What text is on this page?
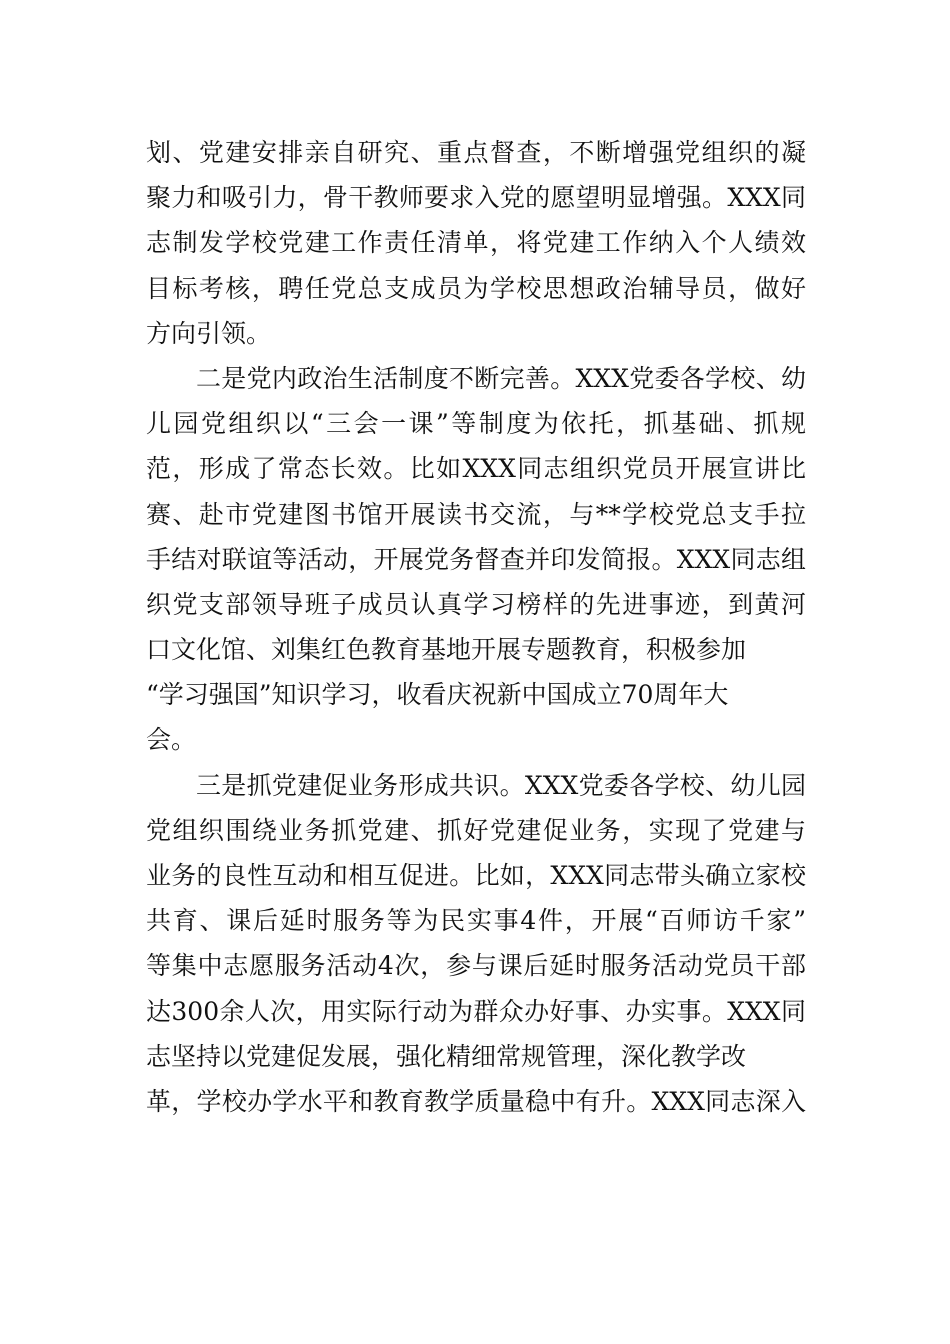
划、党建安排亲自研究、重点督查，不断增强党组织的凝
聚力和吸引力，骨干教师要求入党的愿望明显增强。XXX同
志制发学校党建工作责任清单，将党建工作纳入个人绩效
目标考核，聘任党总支成员为学校思想政治辅导员，做好
方向引领。
二是党内政治生活制度不断完善。XXX党委各学校、幼
儿园党组织以“三会一课”等制度为依托，抓基础、抓规
范，形成了常态长效。比如XXX同志组织党员开展宣讲比
赛、赴市党建图书馆开展读书交流，与**学校党总支手拉
手结对联谊等活动，开展党务督查并印发简报。XXX同志组
织党支部领导班子成员认真学习榜样的先进事迹，到黄河
口文化馆、刘集红色教育基地开展专题教育，积极参加
“学习强国”知识学习，收看庆祝新中国成立70周年大
会。
三是抓党建促业务形成共识。XXX党委各学校、幼儿园
党组织围绕业务抓党建、抓好党建促业务，实现了党建与
业务的良性互动和相互促进。比如，XXX同志带头确立家校
共育、课后延时服务等为民实事4件，开展“百师访千家”
等集中志愿服务活动4次，参与课后延时服务活动党员干部
达300余人次，用实际行动为群众办好事、办实事。XXX同
志坚持以党建促发展，强化精细常规管理，深化教学改
革，学校办学水平和教育教学质量稳中有升。XXX同志深入
